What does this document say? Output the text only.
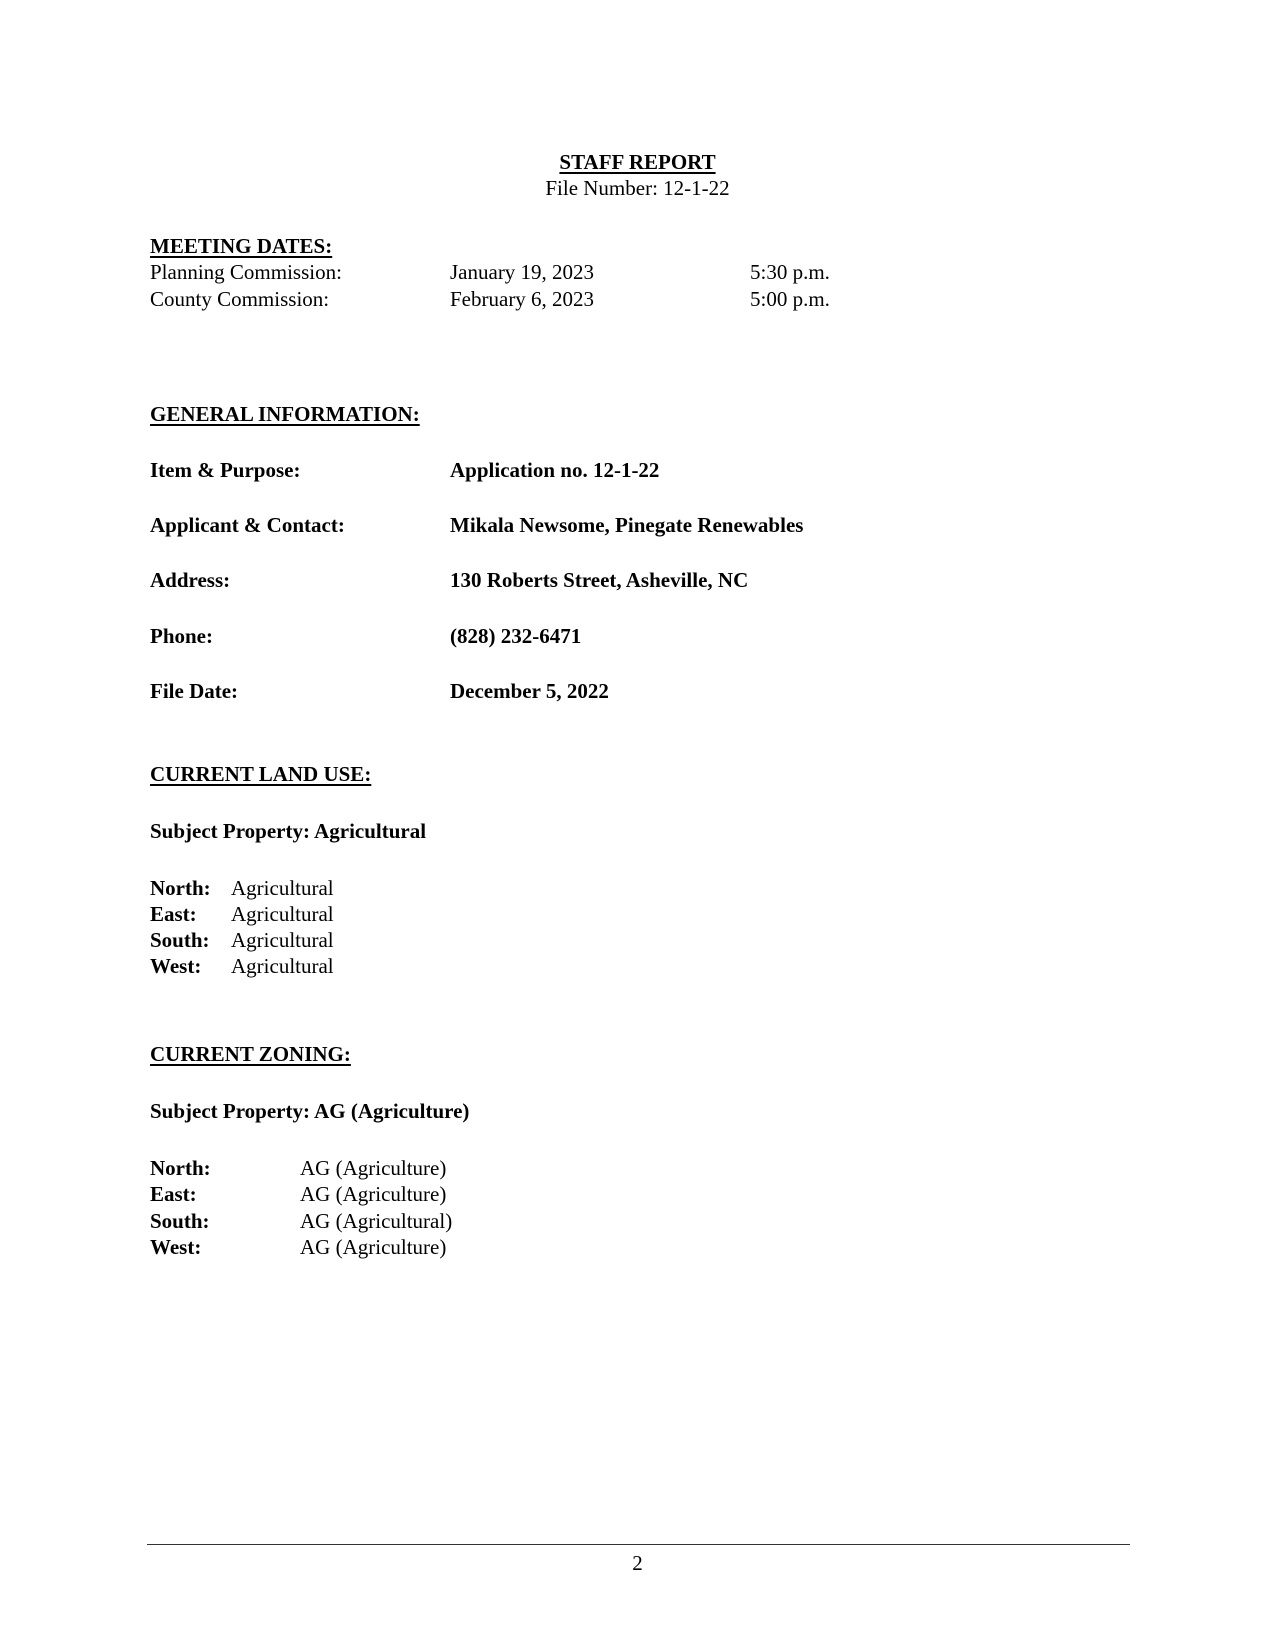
STAFF REPORT
File Number: 12-1-22
MEETING DATES:
Planning Commission:	January 19, 2023	5:30 p.m.
County Commission:	February 6, 2023	5:00 p.m.
GENERAL INFORMATION:
Item & Purpose:	Application no. 12-1-22
Applicant & Contact:	Mikala Newsome, Pinegate Renewables
Address:	130 Roberts Street, Asheville, NC
Phone:	(828) 232-6471
File Date:	December 5, 2022
CURRENT LAND USE:
Subject Property: Agricultural
North: Agricultural
East: Agricultural
South: Agricultural
West: Agricultural
CURRENT ZONING:
Subject Property: AG (Agriculture)
North:	AG (Agriculture)
East:	AG (Agriculture)
South:	AG (Agricultural)
West:	AG (Agriculture)
2
